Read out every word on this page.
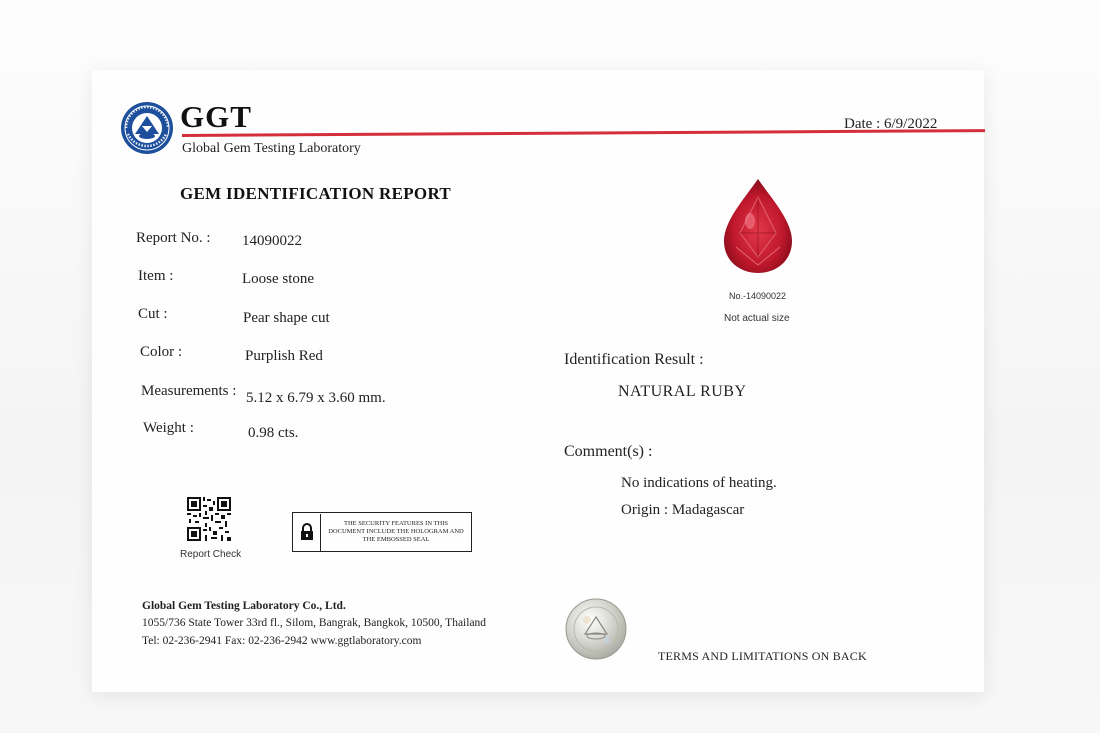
GGT
Global Gem Testing Laboratory
Date : 6/9/2022
GEM IDENTIFICATION REPORT
Report No. : 14090022
Item :	Loose stone
Cut :	Pear shape cut
Color :	Purplish Red
Measurements : 5.12 x 6.79 x 3.60 mm.
Weight :	0.98 cts.
No.-14090022
Not actual size
Identification Result :
NATURAL RUBY
Comment(s) :
No indications of heating.
Origin : Madagascar
Report Check
THE SECURITY FEATURES IN THIS DOCUMENT INCLUDE THE HOLOGRAM AND THE EMBOSSED SEAL
Global Gem Testing Laboratory Co., Ltd.
1055/736 State Tower 33rd fl., Silom, Bangrak, Bangkok, 10500, Thailand
Tel: 02-236-2941 Fax: 02-236-2942 www.ggtlaboratory.com
TERMS AND LIMITATIONS ON BACK
